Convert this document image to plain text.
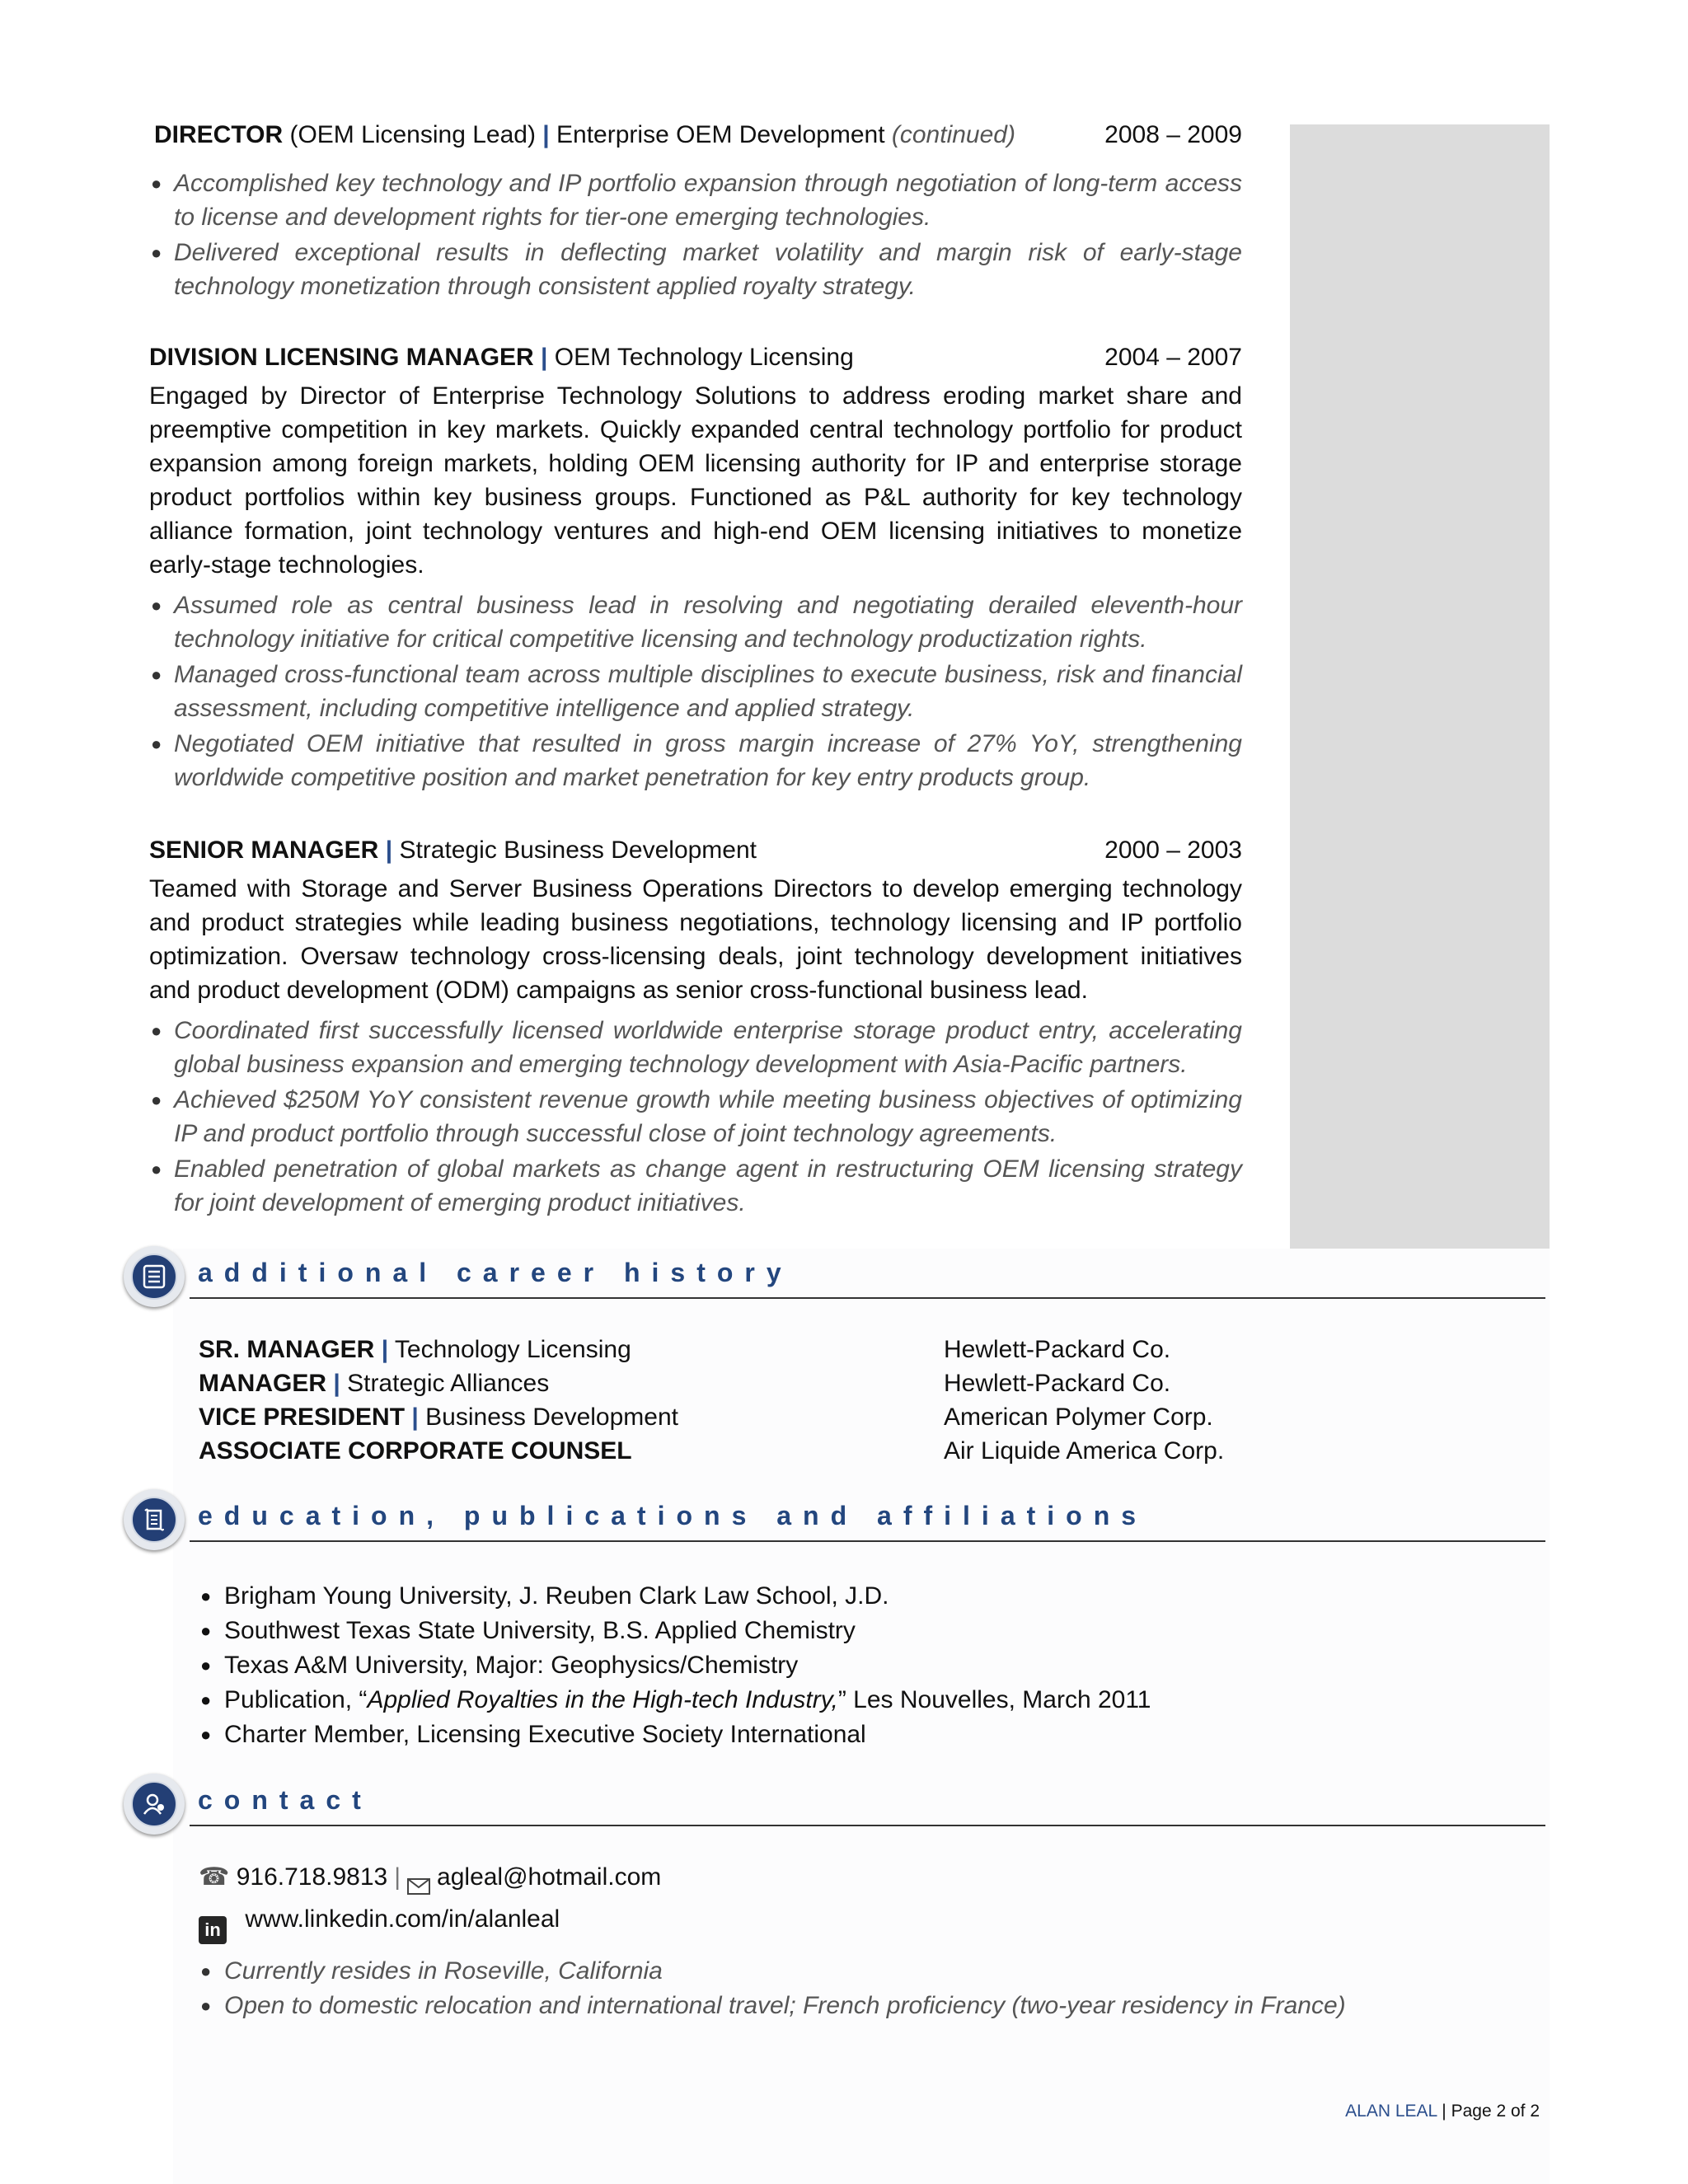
DIRECTOR (OEM Licensing Lead) | Enterprise OEM Development (continued)	2008 – 2009
● Accomplished key technology and IP portfolio expansion through negotiation of long-term access to license and development rights for tier-one emerging technologies.
● Delivered exceptional results in deflecting market volatility and margin risk of early-stage technology monetization through consistent applied royalty strategy.
DIVISION LICENSING MANAGER | OEM Technology Licensing	2004 – 2007
Engaged by Director of Enterprise Technology Solutions to address eroding market share and preemptive competition in key markets. Quickly expanded central technology portfolio for product expansion among foreign markets, holding OEM licensing authority for IP and enterprise storage product portfolios within key business groups. Functioned as P&L authority for key technology alliance formation, joint technology ventures and high-end OEM licensing initiatives to monetize early-stage technologies.
● Assumed role as central business lead in resolving and negotiating derailed eleventh-hour technology initiative for critical competitive licensing and technology productization rights.
● Managed cross-functional team across multiple disciplines to execute business, risk and financial assessment, including competitive intelligence and applied strategy.
● Negotiated OEM initiative that resulted in gross margin increase of 27% YoY, strengthening worldwide competitive position and market penetration for key entry products group.
SENIOR MANAGER | Strategic Business Development	2000 – 2003
Teamed with Storage and Server Business Operations Directors to develop emerging technology and product strategies while leading business negotiations, technology licensing and IP portfolio optimization. Oversaw technology cross-licensing deals, joint technology development initiatives and product development (ODM) campaigns as senior cross-functional business lead.
● Coordinated first successfully licensed worldwide enterprise storage product entry, accelerating global business expansion and emerging technology development with Asia-Pacific partners.
● Achieved $250M YoY consistent revenue growth while meeting business objectives of optimizing IP and product portfolio through successful close of joint technology agreements.
● Enabled penetration of global markets as change agent in restructuring OEM licensing strategy for joint development of emerging product initiatives.
additional career history
SR. MANAGER | Technology Licensing	Hewlett-Packard Co.
MANAGER | Strategic Alliances	Hewlett-Packard Co.
VICE PRESIDENT | Business Development	American Polymer Corp.
ASSOCIATE CORPORATE COUNSEL	Air Liquide America Corp.
education, publications and affiliations
● Brigham Young University, J. Reuben Clark Law School, J.D.
● Southwest Texas State University, B.S. Applied Chemistry
● Texas A&M University, Major: Geophysics/Chemistry
● Publication, “Applied Royalties in the High-tech Industry,” Les Nouvelles, March 2011
● Charter Member, Licensing Executive Society International
contact
☎ 916.718.9813 | agleal@hotmail.com
in www.linkedin.com/in/alanleal
● Currently resides in Roseville, California
● Open to domestic relocation and international travel; French proficiency (two-year residency in France)
ALAN LEAL | Page 2 of 2
